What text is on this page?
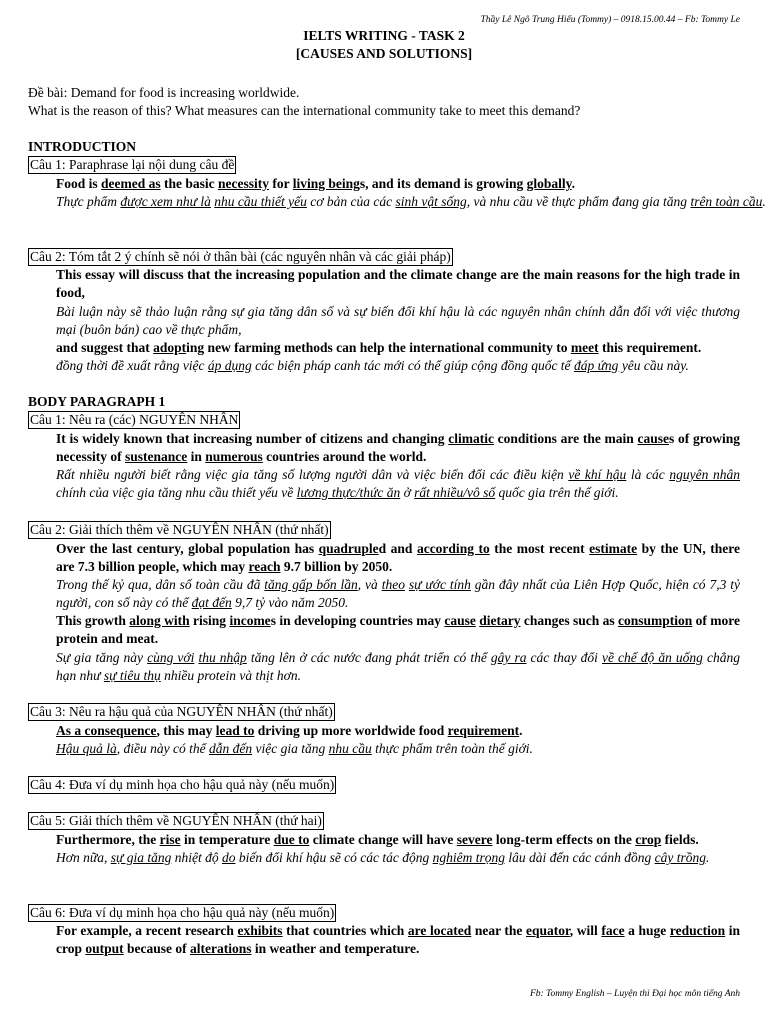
Thầy Lê Ngô Trung Hiếu (Tommy) – 0918.15.00.44 – Fb: Tommy Le
IELTS WRITING - TASK 2
[CAUSES AND SOLUTIONS]
Đề bài: Demand for food is increasing worldwide.
What is the reason of this? What measures can the international community take to meet this demand?
INTRODUCTION
Câu 1: Paraphrase lại nội dung câu đề
Food is deemed as the basic necessity for living beings, and its demand is growing globally.
Thực phẩm được xem như là nhu cầu thiết yếu cơ bản của các sinh vật sống, và nhu cầu về thực phẩm đang gia tăng trên toàn cầu.
Câu 2: Tóm tắt 2 ý chính sẽ nói ở thân bài (các nguyên nhân và các giải pháp)
This essay will discuss that the increasing population and the climate change are the main reasons for the high trade in food,
Bài luận này sẽ thảo luận rằng sự gia tăng dân số và sự biến đổi khí hậu là các nguyên nhân chính dẫn đối với việc thương mại (buôn bán) cao về thực phẩm,
and suggest that adopting new farming methods can help the international community to meet this requirement.
đồng thời đề xuất rằng việc áp dụng các biện pháp canh tác mới có thể giúp cộng đồng quốc tế đáp ứng yêu cầu này.
BODY PARAGRAPH 1
Câu 1: Nêu ra (các) NGUYÊN NHÂN
It is widely known that increasing number of citizens and changing climatic conditions are the main causes of growing necessity of sustenance in numerous countries around the world.
Rất nhiều người biết rằng việc gia tăng số lượng người dân và việc biến đổi các điều kiện về khí hậu là các nguyên nhân chính của việc gia tăng nhu cầu thiết yếu về lương thực/thức ăn ở rất nhiều/vô số quốc gia trên thế giới.
Câu 2: Giải thích thêm về NGUYÊN NHÂN (thứ nhất)
Over the last century, global population has quadrupled and according to the most recent estimate by the UN, there are 7.3 billion people, which may reach 9.7 billion by 2050.
Trong thế kỷ qua, dân số toàn cầu đã tăng gấp bốn lần, và theo sự ước tính gần đây nhất của Liên Hợp Quốc, hiện có 7,3 tỷ người, con số này có thể đạt đến 9,7 tỷ vào năm 2050.
This growth along with rising incomes in developing countries may cause dietary changes such as consumption of more protein and meat.
Sự gia tăng này cùng với thu nhập tăng lên ở các nước đang phát triển có thể gây ra các thay đổi về chế độ ăn uống chẳng hạn như sự tiêu thụ nhiều protein và thịt hơn.
Câu 3: Nêu ra hậu quả của NGUYÊN NHÂN (thứ nhất)
As a consequence, this may lead to driving up more worldwide food requirement.
Hậu quả là, điều này có thể dẫn đến việc gia tăng nhu cầu thực phẩm trên toàn thế giới.
Câu 4: Đưa ví dụ minh họa cho hậu quả này (nếu muốn)
Câu 5: Giải thích thêm về NGUYÊN NHÂN (thứ hai)
Furthermore, the rise in temperature due to climate change will have severe long-term effects on the crop fields.
Hơn nữa, sự gia tăng nhiệt độ do biến đổi khí hậu sẽ có các tác động nghiêm trọng lâu dài đến các cánh đồng cây trồng.
Câu 6: Đưa ví dụ minh họa cho hậu quả này (nếu muốn)
For example, a recent research exhibits that countries which are located near the equator, will face a huge reduction in crop output because of alterations in weather and temperature.
Fb: Tommy English – Luyện thi Đại học môn tiếng Anh
